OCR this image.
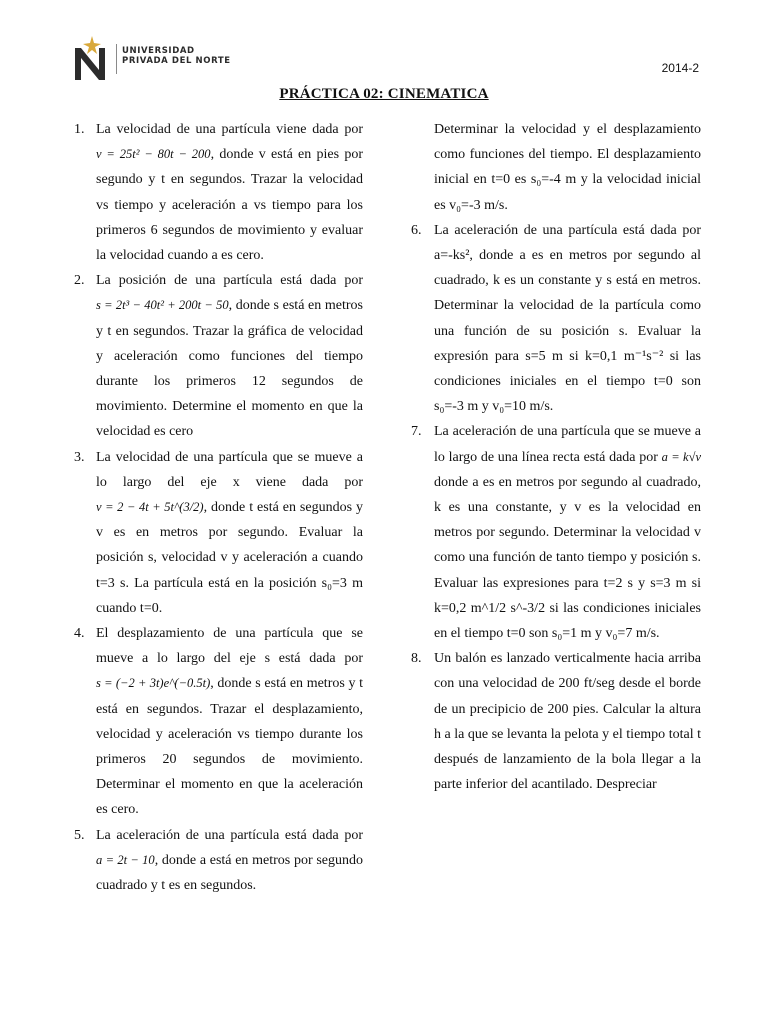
UNIVERSIDAD
PRIVADA DEL NORTE	2014-2
PRÁCTICA 02: CINEMATICA

1. La velocidad de una partícula viene dada por v = 25t² − 80t − 200, donde v está en pies por segundo y t en segundos. Trazar la velocidad vs tiempo y aceleración a vs tiempo para los primeros 6 segundos de movimiento y evaluar la velocidad cuando a es cero.

2. La posición de una partícula está dada por s = 2t³ − 40t² + 200t − 50, donde s está en metros y t en segundos. Trazar la gráfica de velocidad y aceleración como funciones del tiempo durante los primeros 12 segundos de movimiento. Determine el momento en que la velocidad es cero

3. La velocidad de una partícula que se mueve a lo largo del eje x viene dada por v = 2 − 4t + 5t^(3/2), donde t está en segundos y v es en metros por segundo. Evaluar la posición s, velocidad v y aceleración a cuando t=3 s. La partícula está en la posición s₀=3 m cuando t=0.

4. El desplazamiento de una partícula que se mueve a lo largo del eje s está dada por s = (−2 + 3t)e^(−0.5t), donde s está en metros y t está en segundos. Trazar el desplazamiento, velocidad y aceleración vs tiempo durante los primeros 20 segundos de movimiento. Determinar el momento en que la aceleración es cero.

5. La aceleración de una partícula está dada por a = 2t − 10, donde a está en metros por segundo cuadrado y t es en segundos.

Determinar la velocidad y el desplazamiento como funciones del tiempo. El desplazamiento inicial en t=0 es s₀=-4 m y la velocidad inicial es v₀=-3 m/s.

6. La aceleración de una partícula está dada por a=-ks², donde a es en metros por segundo al cuadrado, k es un constante y s está en metros. Determinar la velocidad de la partícula como una función de su posición s. Evaluar la expresión para s=5 m si k=0,1 m⁻¹s⁻² si las condiciones iniciales en el tiempo t=0 son s₀=-3 m y v₀=10 m/s.

7. La aceleración de una partícula que se mueve a lo largo de una línea recta está dada por a = k√v donde a es en metros por segundo al cuadrado, k es una constante, y v es la velocidad en metros por segundo. Determinar la velocidad v como una función de tanto tiempo y posición s. Evaluar las expresiones para t=2 s y s=3 m si k=0,2 m^1/2 s^-3/2 si las condiciones iniciales en el tiempo t=0 son s₀=1 m y v₀=7 m/s.

8. Un balón es lanzado verticalmente hacia arriba con una velocidad de 200 ft/seg desde el borde de un precipicio de 200 pies. Calcular la altura h a la que se levanta la pelota y el tiempo total t después de lanzamiento de la bola llegar a la parte inferior del acantilado. Despreciar
